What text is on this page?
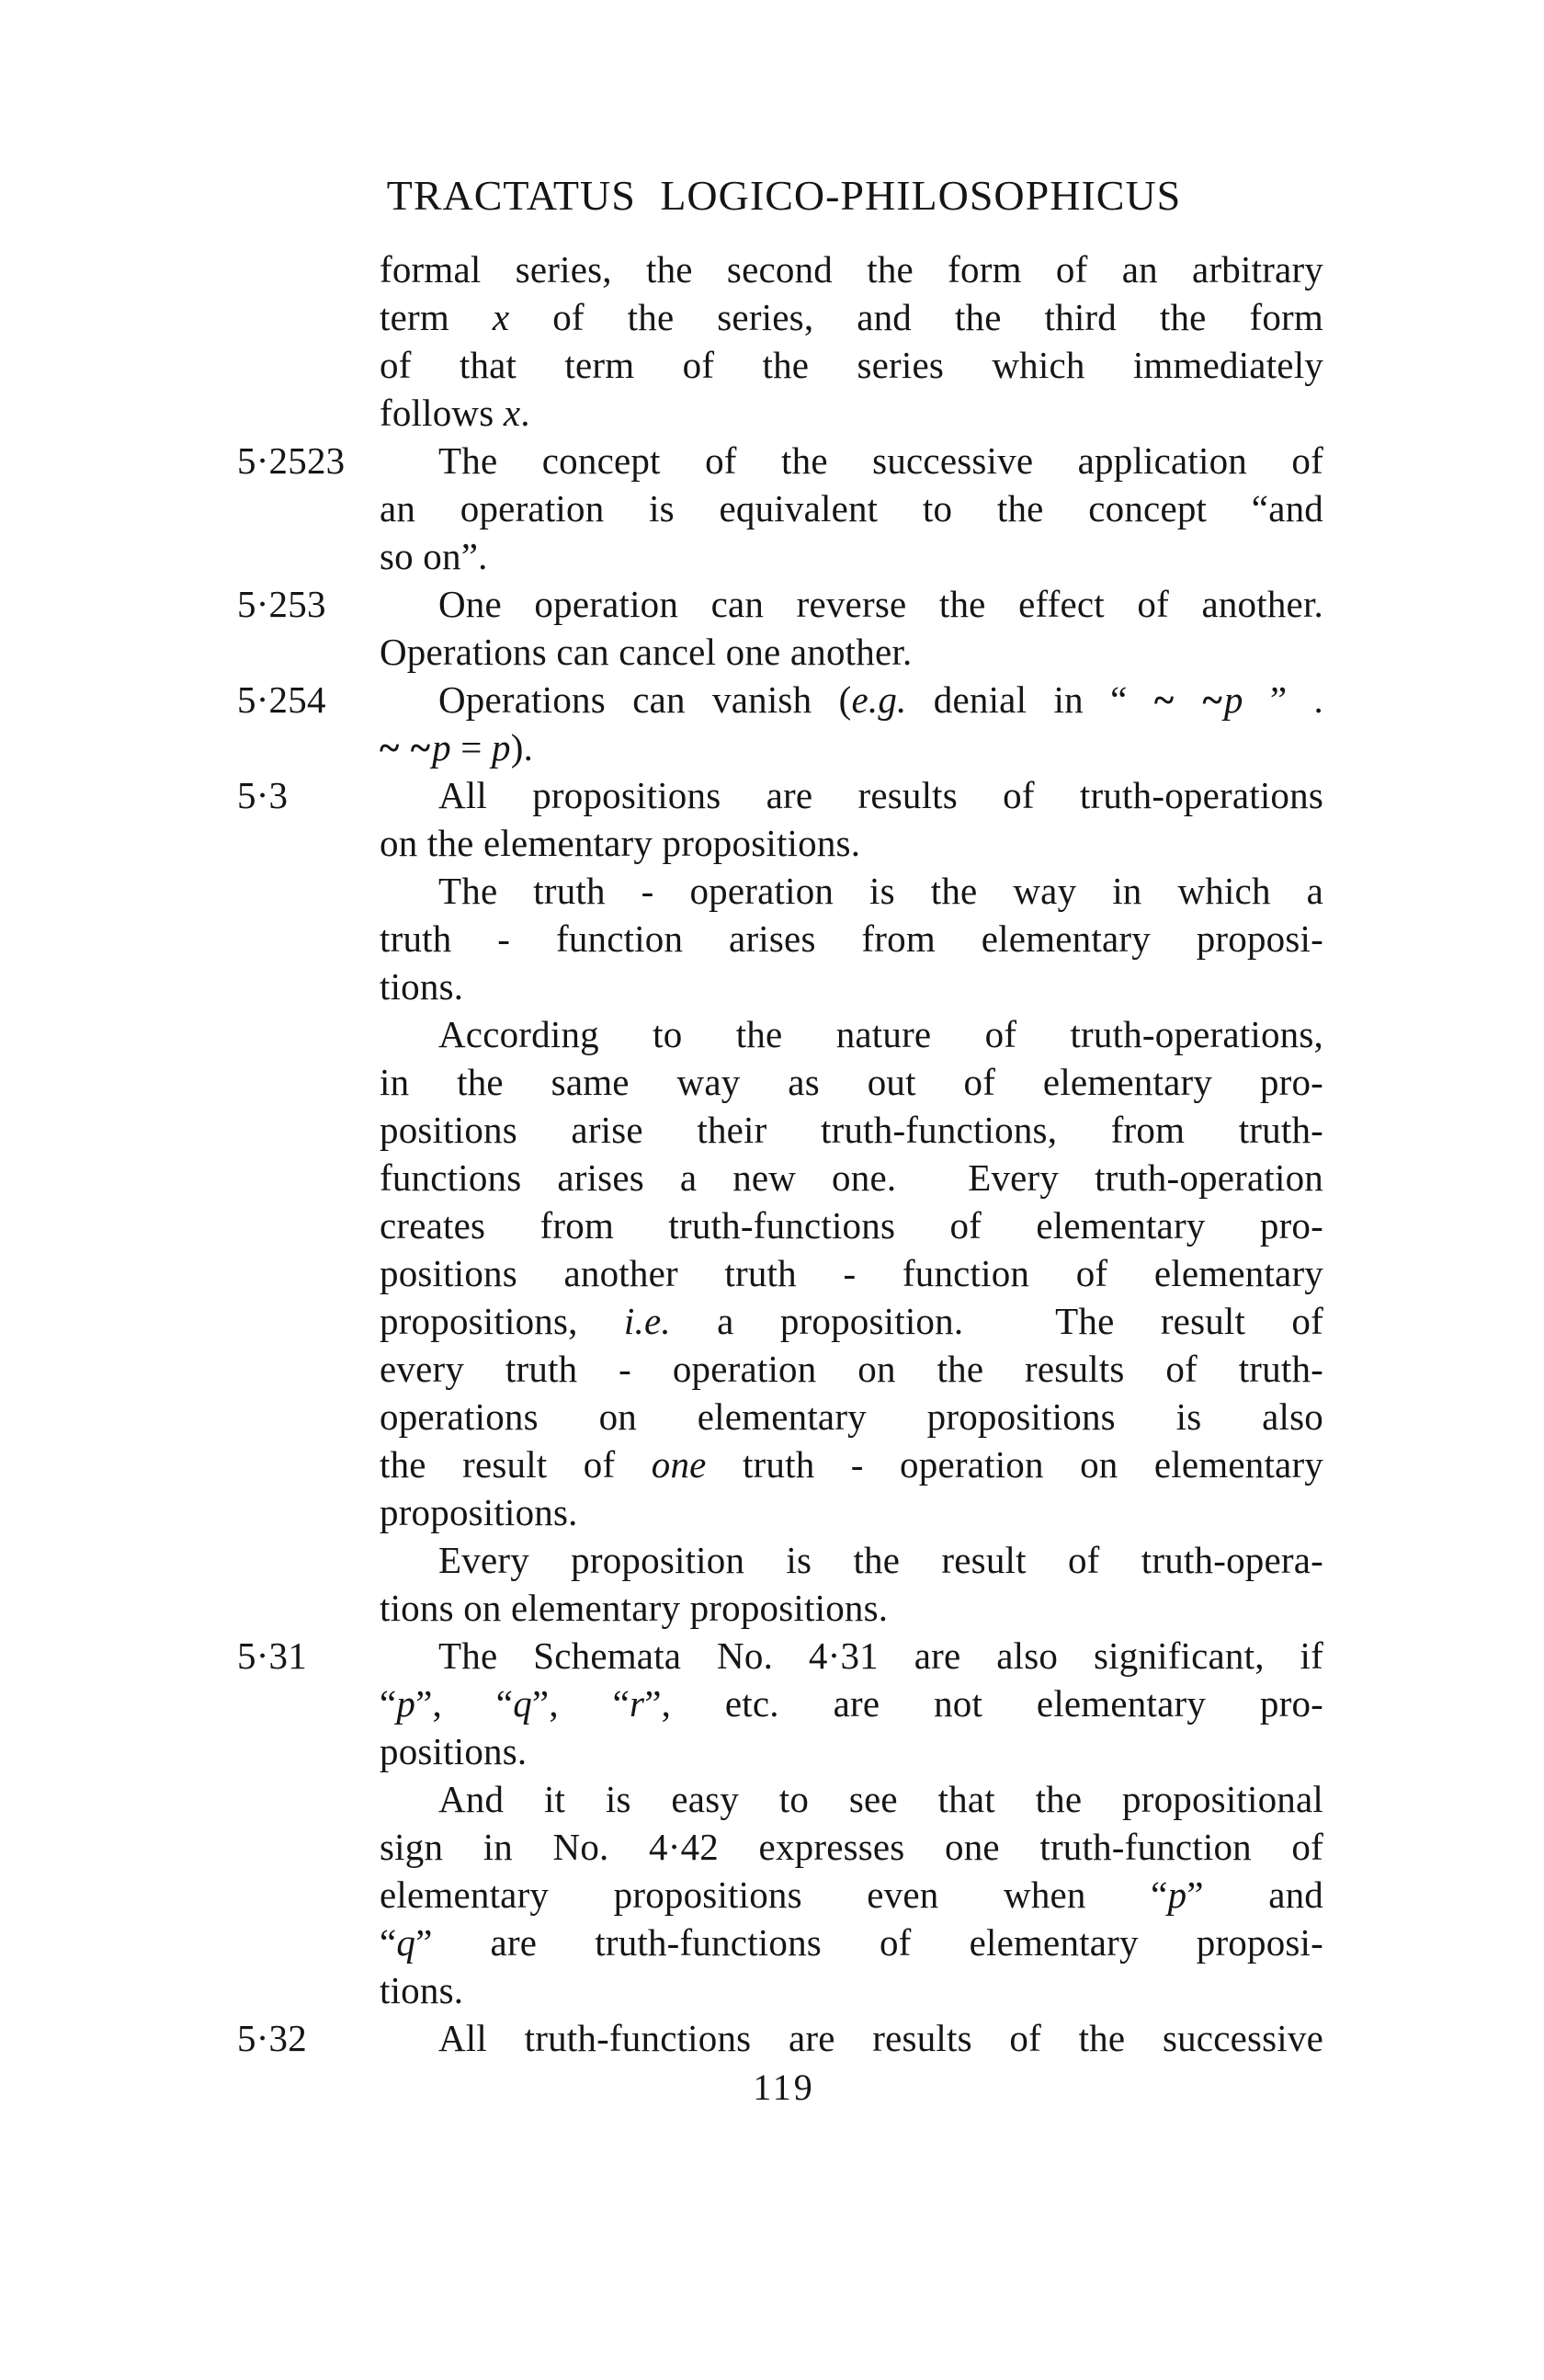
TRACTATUS LOGICO-PHILOSOPHICUS
formal series, the second the form of an arbitrary
term x of the series, and the third the form
of that term of the series which immediately
follows x.
5·2523	The concept of the successive application of
an operation is equivalent to the concept “and
so on”.
5·253	One operation can reverse the effect of another.
Operations can cancel one another.
5·254	Operations can vanish (e.g. denial in “ ~ ~p ” .
~ ~p = p).
5·3	All propositions are results of truth-operations
on the elementary propositions.
The truth - operation is the way in which a
truth - function arises from elementary proposi-
tions.
According to the nature of truth-operations,
in the same way as out of elementary pro-
positions arise their truth-functions, from truth-
functions arises a new one.  Every truth-operation
creates from truth-functions of elementary pro-
positions another truth - function of elementary
propositions, i.e. a proposition.  The result of
every truth - operation on the results of truth-
operations on elementary propositions is also
the result of one truth - operation on elementary
propositions.
Every proposition is the result of truth-opera-
tions on elementary propositions.
5·31	The Schemata No. 4·31 are also significant, if
“p”, “q”, “r”, etc. are not elementary pro-
positions.
And it is easy to see that the propositional
sign in No. 4·42 expresses one truth-function of
elementary propositions even when “p” and
“q” are truth-functions of elementary proposi-
tions.
5·32	All truth-functions are results of the successive
119
